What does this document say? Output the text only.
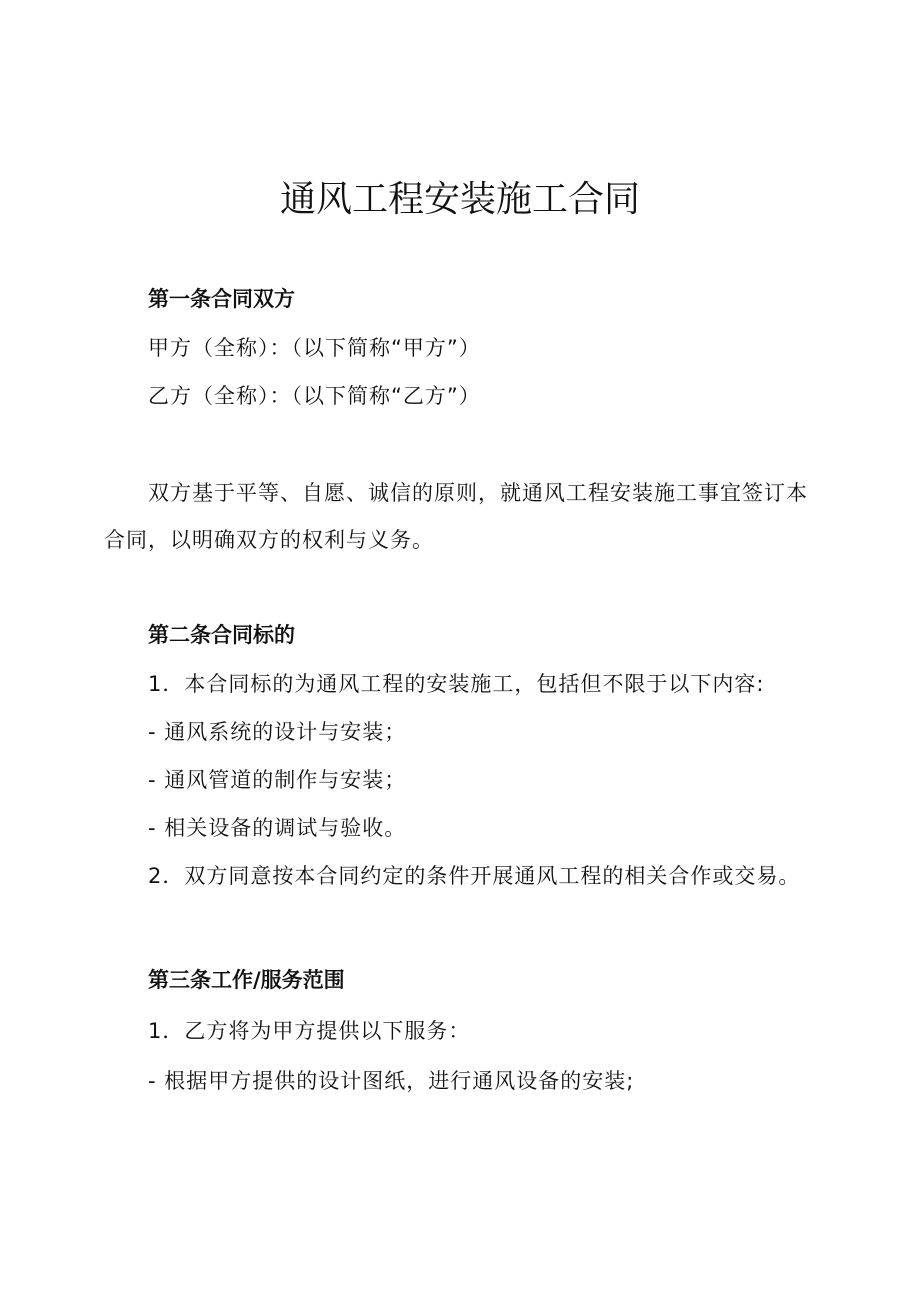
通风工程安装施工合同
第一条合同双方
甲方（全称）：（以下简称“甲方”）
乙方（全称）：（以下简称“乙方”）
双方基于平等、自愿、诚信的原则，就通风工程安装施工事宜签订本
合同，以明确双方的权利与义务。
第二条合同标的
1．本合同标的为通风工程的安装施工，包括但不限于以下内容:
- 通风系统的设计与安装；
- 通风管道的制作与安装；
- 相关设备的调试与验收。
2．双方同意按本合同约定的条件开展通风工程的相关合作或交易。
第三条工作/服务范围
1．乙方将为甲方提供以下服务：
- 根据甲方提供的设计图纸，进行通风设备的安装;
